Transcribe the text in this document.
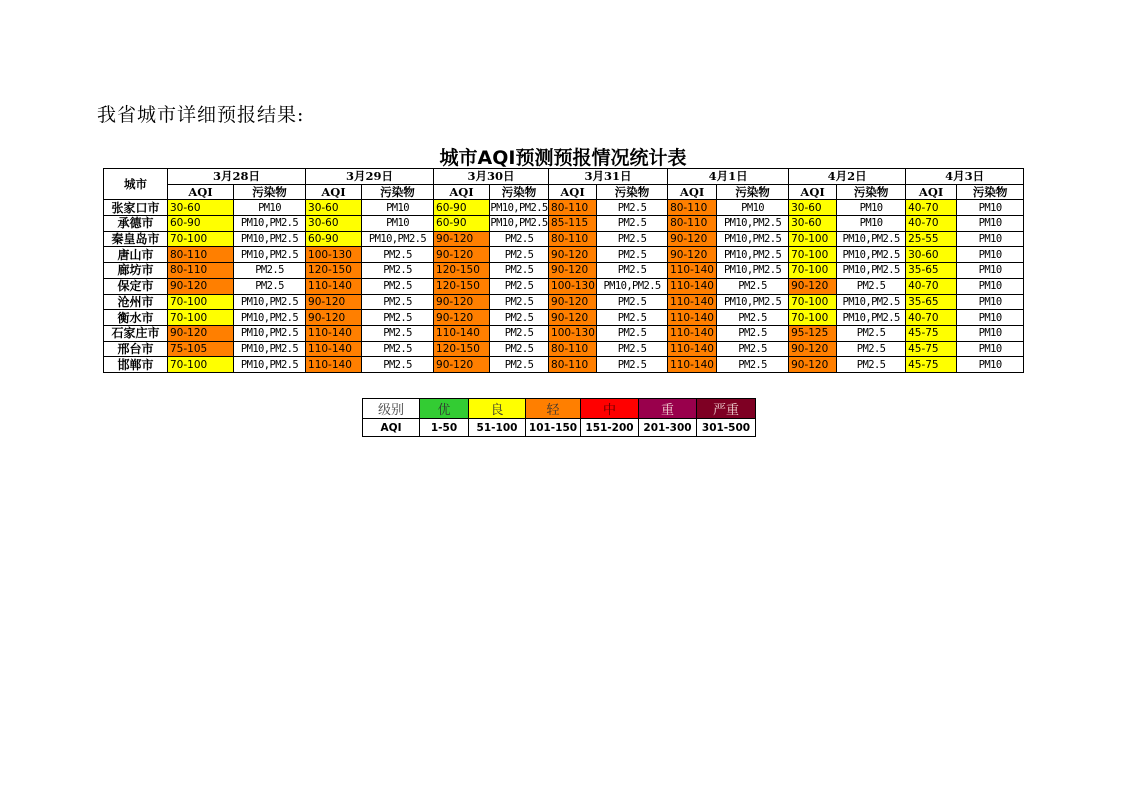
我省城市详细预报结果:
城市AQI预测预报情况统计表
城市	3月28日		3月29日		3月30日		3月31日		4月1日		4月2日		4月3日	
	AQI	污染物	AQI	污染物	AQI	污染物	AQI	污染物	AQI	污染物	AQI	污染物	AQI	污染物
张家口市	30-60	PM10	30-60	PM10	60-90	PM10,PM2.5	80-110	PM2.5	80-110	PM10	30-60	PM10	40-70	PM10
承德市	60-90	PM10,PM2.5	30-60	PM10	60-90	PM10,PM2.5	85-115	PM2.5	80-110	PM10,PM2.5	30-60	PM10	40-70	PM10
秦皇岛市	70-100	PM10,PM2.5	60-90	PM10,PM2.5	90-120	PM2.5	80-110	PM2.5	90-120	PM10,PM2.5	70-100	PM10,PM2.5	25-55	PM10
唐山市	80-110	PM10,PM2.5	100-130	PM2.5	90-120	PM2.5	90-120	PM2.5	90-120	PM10,PM2.5	70-100	PM10,PM2.5	30-60	PM10
廊坊市	80-110	PM2.5	120-150	PM2.5	120-150	PM2.5	90-120	PM2.5	110-140	PM10,PM2.5	70-100	PM10,PM2.5	35-65	PM10
保定市	90-120	PM2.5	110-140	PM2.5	120-150	PM2.5	100-130	PM10,PM2.5	110-140	PM2.5	90-120	PM2.5	40-70	PM10
沧州市	70-100	PM10,PM2.5	90-120	PM2.5	90-120	PM2.5	90-120	PM2.5	110-140	PM10,PM2.5	70-100	PM10,PM2.5	35-65	PM10
衡水市	70-100	PM10,PM2.5	90-120	PM2.5	90-120	PM2.5	90-120	PM2.5	110-140	PM2.5	70-100	PM10,PM2.5	40-70	PM10
石家庄市	90-120	PM10,PM2.5	110-140	PM2.5	110-140	PM2.5	100-130	PM2.5	110-140	PM2.5	95-125	PM2.5	45-75	PM10
邢台市	75-105	PM10,PM2.5	110-140	PM2.5	120-150	PM2.5	80-110	PM2.5	110-140	PM2.5	90-120	PM2.5	45-75	PM10
邯郸市	70-100	PM10,PM2.5	110-140	PM2.5	90-120	PM2.5	80-110	PM2.5	110-140	PM2.5	90-120	PM2.5	45-75	PM10
级别	优	良	轻	中	重	严重
AQI	1-50	51-100	101-150	151-200	201-300	301-500
